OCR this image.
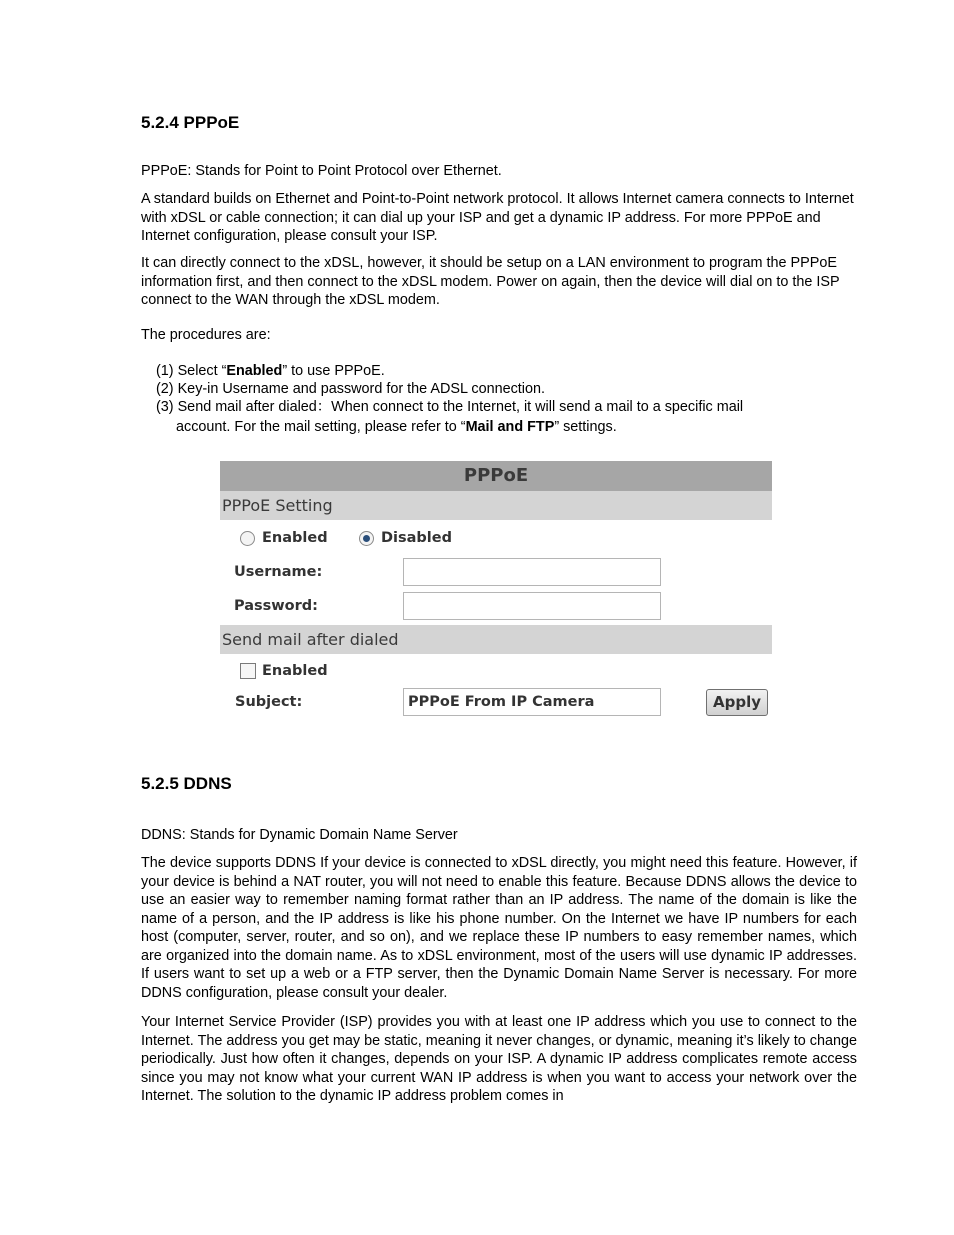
5.2.4 PPPoE
PPPoE: Stands for Point to Point Protocol over Ethernet.
A standard builds on Ethernet and Point-to-Point network protocol. It allows Internet camera connects to Internet with xDSL or cable connection; it can dial up your ISP and get a dynamic IP address. For more PPPoE and Internet configuration, please consult your ISP.
It can directly connect to the xDSL, however, it should be setup on a LAN environment to program the PPPoE information first, and then connect to the xDSL modem. Power on again, then the device will dial on to the ISP connect to the WAN through the xDSL modem.
The procedures are:
(1) Select “Enabled” to use PPPoE.
(2) Key-in Username and password for the ADSL connection.
(3) Send mail after dialed：When connect to the Internet, it will send a mail to a specific mail
account. For the mail setting, please refer to “Mail and FTP” settings.
PPPoE
PPPoE Setting
Enabled	Disabled
Username:
Password:
Send mail after dialed
Enabled
Subject:	PPPoE From IP Camera	Apply
5.2.5 DDNS
DDNS: Stands for Dynamic Domain Name Server
The device supports DDNS If your device is connected to xDSL directly, you might need this feature. However, if your device is behind a NAT router, you will not need to enable this feature. Because DDNS allows the device to use an easier way to remember naming format rather than an IP address. The name of the domain is like the name of a person, and the IP address is like his phone number. On the Internet we have IP numbers for each host (computer, server, router, and so on), and we replace these IP numbers to easy remember names, which are organized into the domain name. As to xDSL environment, most of the users will use dynamic IP addresses. If users want to set up a web or a FTP server, then the Dynamic Domain Name Server is necessary. For more DDNS configuration, please consult your dealer.
Your Internet Service Provider (ISP) provides you with at least one IP address which you use to connect to the Internet. The address you get may be static, meaning it never changes, or dynamic, meaning it’s likely to change periodically. Just how often it changes, depends on your ISP. A dynamic IP address complicates remote access since you may not know what your current WAN IP address is when you want to access your network over the Internet. The solution to the dynamic IP address problem comes in
